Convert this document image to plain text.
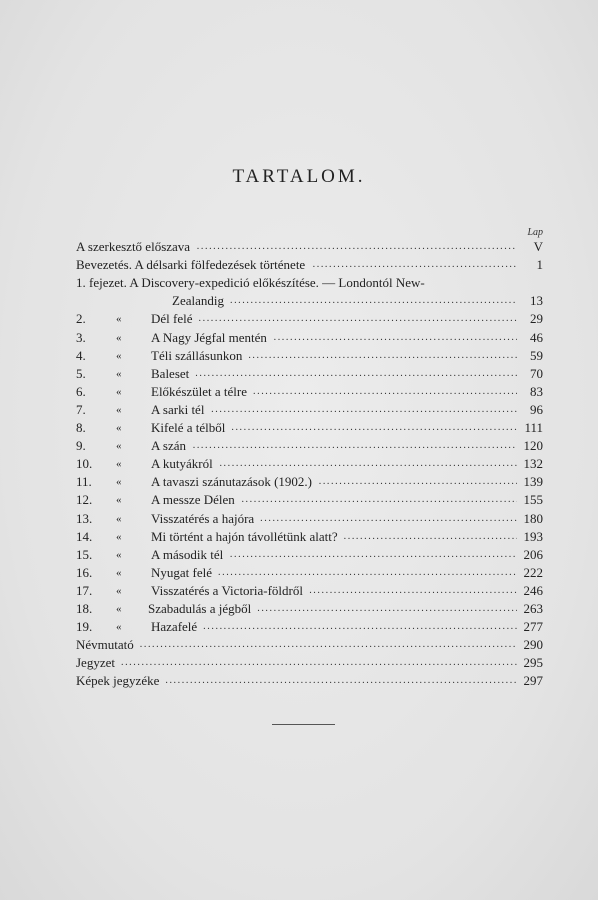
TARTALOM.
Lap
A szerkesztő előszava .....	V
Bevezetés. A délsarki fölfedezések története .....	1
1. fejezet. A Discovery-expedició előkészítése. — Londontól New-
Zealandig .....	13
2.	«	Dél felé .....	29
3.	«	A Nagy Jégfal mentén .....	46
4.	«	Téli szállásunkon .....	59
5.	«	Baleset .....	70
6.	«	Előkészület a télre .....	83
7.	«	A sarki tél .....	96
8.	«	Kifelé a télből .....	111
9.	«	A szán .....	120
10.	«	A kutyákról .....	132
11.	«	A tavaszi szánutazások (1902.) .....	139
12.	«	A messze Délen .....	155
13.	«	Visszatérés a hajóra .....	180
14.	«	Mi történt a hajón távollétünk alatt? .....	193
15.	«	A második tél .....	206
16.	«	Nyugat felé .....	222
17.	«	Visszatérés a Victoria-földről .....	246
18.	«	Szabadulás a jégből .....	263
19.	«	Hazafelé .....	277
Névmutató .....	290
Jegyzet .....	295
Képek jegyzéke .....	297
